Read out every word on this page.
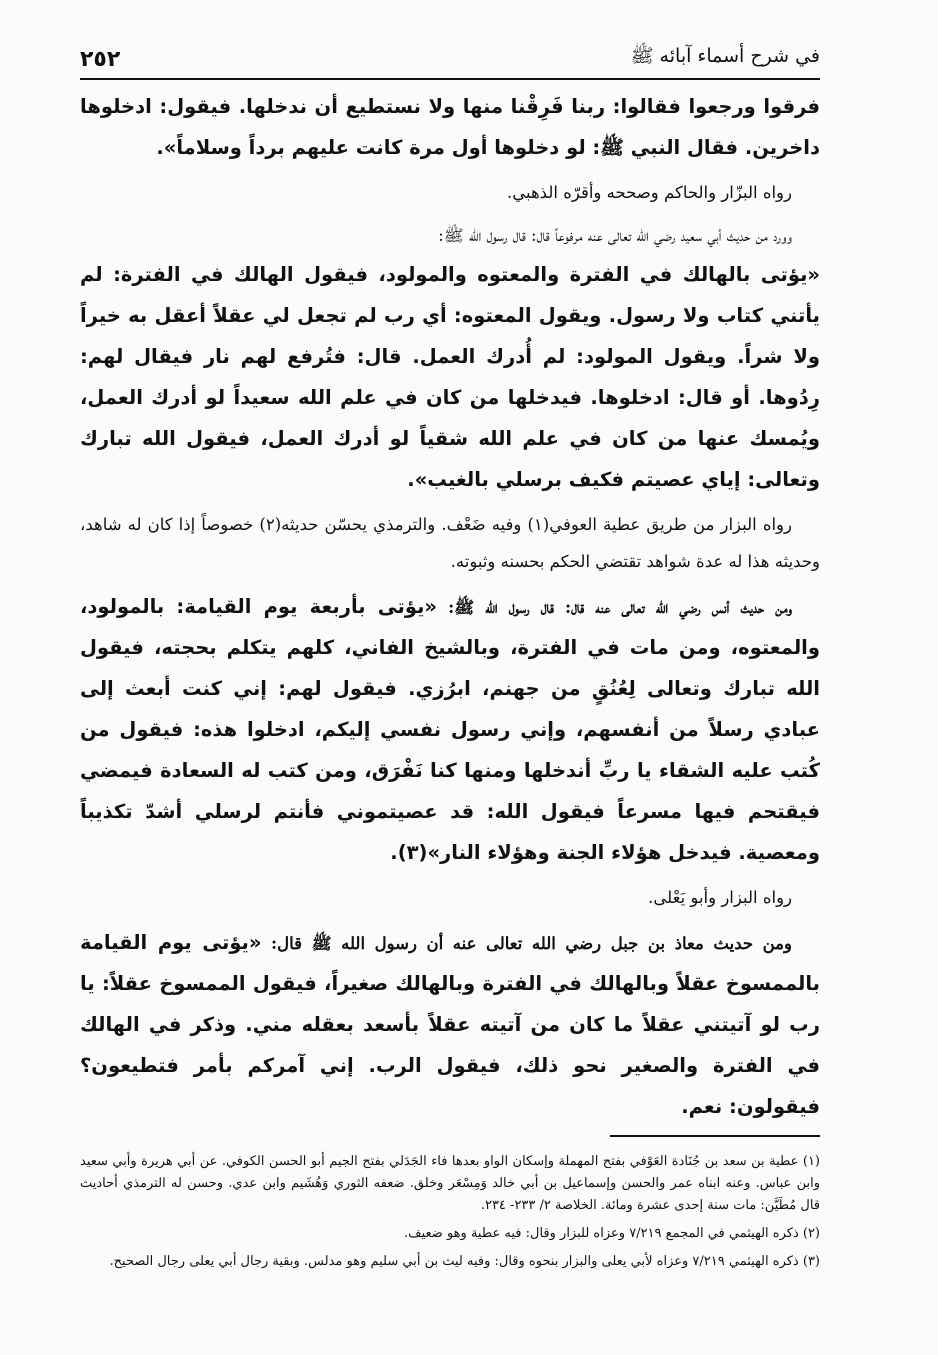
في شرح أسماء آبائه ﷺ
٢٥٢

فرقوا ورجعوا فقالوا: ربنا فَرِقْنا منها ولا نستطيع أن ندخلها. فيقول: ادخلوها داخرين. فقال النبي ﷺ: لو دخلوها أول مرة كانت عليهم برداً وسلاماً».

رواه البزّار والحاكم وصححه وأقرّه الذهبي.

وورد من حديث أبي سعيد رضي الله تعالى عنه مرفوعاً قال: قال رسول الله ﷺ:

«يؤتى بالهالك في الفترة والمعتوه والمولود، فيقول الهالك في الفترة: لم يأتني كتاب ولا رسول. ويقول المعتوه: أي رب لم تجعل لي عقلاً أعقل به خيراً ولا شراً. ويقول المولود: لم أُدرك العمل. قال: فتُرفع لهم نار فيقال لهم: رِدُوها. أو قال: ادخلوها. فيدخلها من كان في علم الله سعيداً لو أدرك العمل، ويُمسك عنها من كان في علم الله شقياً لو أدرك العمل، فيقول الله تبارك وتعالى: إياي عصيتم فكيف برسلي بالغيب».

رواه البزار من طريق عطية العوفي(١) وفيه ضَعْف. والترمذي يحسّن حديثه(٢) خصوصاً إذا كان له شاهد، وحديثه هذا له عدة شواهد تقتضي الحكم بحسنه وثبوته.

ومن حديث أنس رضي الله تعالى عنه قال: قال رسول الله ﷺ: «يؤتى بأربعة يوم القيامة: بالمولود، والمعتوه، ومن مات في الفترة، وبالشيخ الفاني، كلهم يتكلم بحجته، فيقول الله تبارك وتعالى لِعُنُقٍ من جهنم، ابرُزي. فيقول لهم: إني كنت أبعث إلى عبادي رسلاً من أنفسهم، وإني رسول نفسي إليكم، ادخلوا هذه: فيقول من كُتب عليه الشقاء يا ربِّ أندخلها ومنها كنا نَفْرَق، ومن كتب له السعادة فيمضي فيقتحم فيها مسرعاً فيقول الله: قد عصيتموني فأنتم لرسلي أشدّ تكذيباً ومعصية. فيدخل هؤلاء الجنة وهؤلاء النار»(٣).

رواه البزار وأبو يَعْلى.

ومن حديث معاذ بن جبل رضي الله تعالى عنه أن رسول الله ﷺ قال: «يؤتى يوم القيامة بالممسوخ عقلاً وبالهالك في الفترة وبالهالك صغيراً، فيقول الممسوخ عقلاً: يا رب لو آتيتني عقلاً ما كان من آتيته عقلاً بأسعد بعقله مني. وذكر في الهالك في الفترة والصغير نحو ذلك، فيقول الرب. إني آمركم بأمر فتطيعون؟ فيقولون: نعم.

(١) عطية بن سعد بن جُنَادة العَوْفي بفتح المهملة وإسكان الواو بعدها فاء الجَدَلي بفتح الجيم أبو الحسن الكوفي. عن أبي هريرة وأبي سعيد وابن عباس. وعنه ابناه عمر والحسن وإسماعيل بن أبي خالد وَمِسْعَر وخلق. ضعفه الثوري وَهُشَيم وابن عدي. وحسن له الترمذي أحاديث قال مُطَيَّن: مات سنة إحدى عشرة ومائة. الخلاصة ٢/ ٢٣٣- ٢٣٤.

(٢) ذكره الهيثمي في المجمع ٧/٢١٩ وعزاه للبزار وقال: فيه عطية وهو ضعيف.

(٣) ذكره الهيثمي ٧/٢١٩ وعزاه لأبي يعلى والبزار بنحوه وقال: وفيه ليث بن أبي سليم وهو مدلس. وبقية رجال أبي يعلى رجال الصحيح.
